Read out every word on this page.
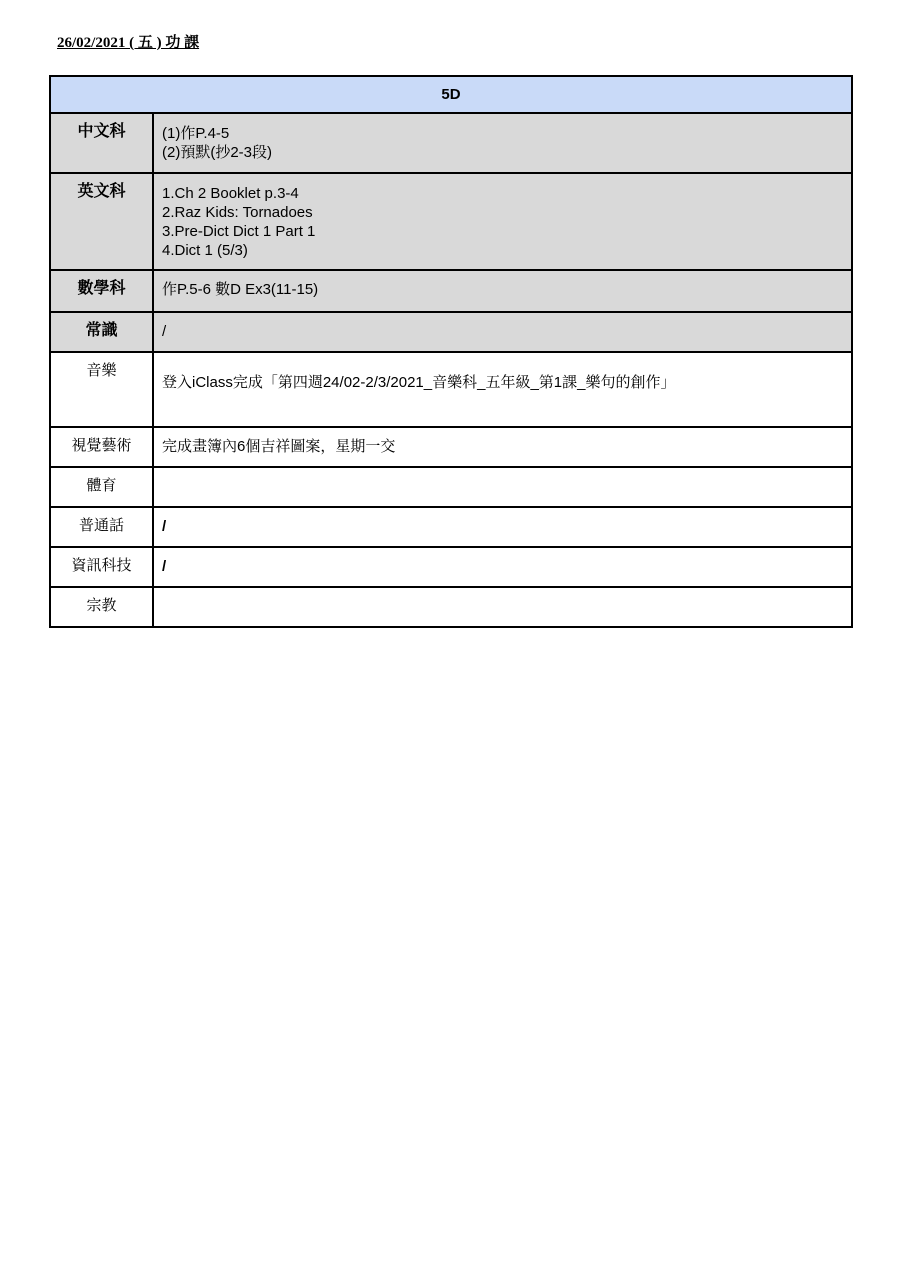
26/02/2021 ( 五 ) 功 課
5D	
中文科	(1)作P.4-5
(2)預默(抄2-3段)

英文科	1.Ch 2 Booklet p.3-4
2.Raz Kids: Tornadoes
3.Pre-Dict Dict 1 Part 1
4.Dict 1 (5/3)

數學科	作P.5-6 數D Ex3(11-15)

常識	/

音樂	登入iClass完成「第四週24/02-2/3/2021_音樂科_五年級_第1課_樂句的創作」

視覺藝術	完成畫簿內6個吉祥圖案，星期一交

體育	

普通話	/

資訊科技	/

宗教	
